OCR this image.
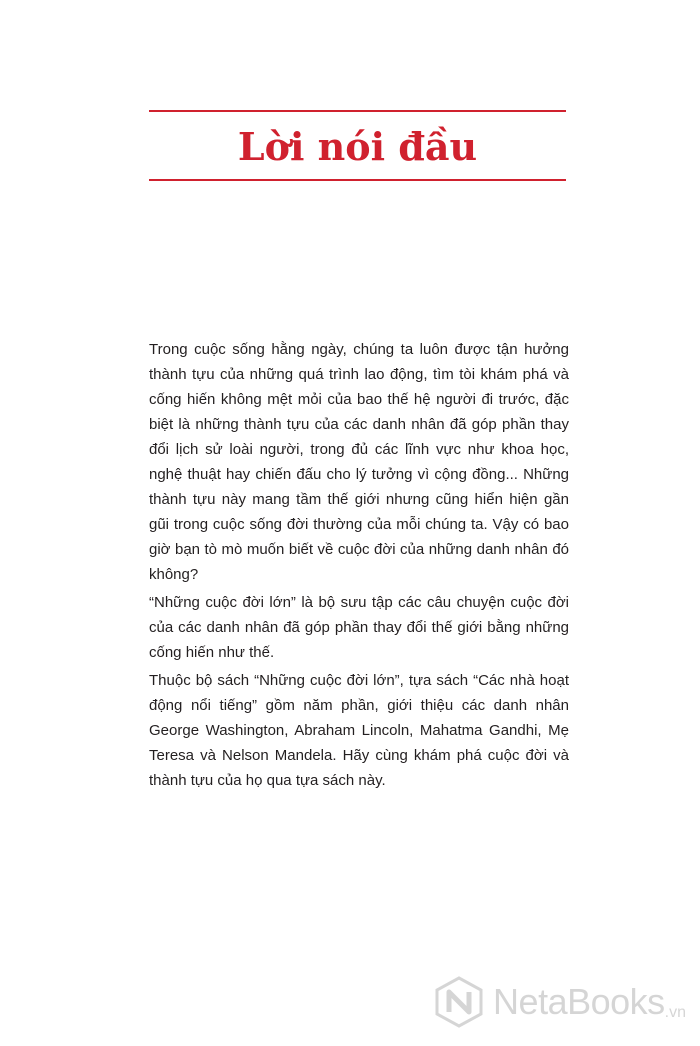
Lời nói đầu

Trong cuộc sống hằng ngày, chúng ta luôn được tận hưởng thành tựu của những quá trình lao động, tìm tòi khám phá và cống hiến không mệt mỏi của bao thế hệ người đi trước, đặc biệt là những thành tựu của các danh nhân đã góp phần thay đổi lịch sử loài người, trong đủ các lĩnh vực như khoa học, nghệ thuật hay chiến đấu cho lý tưởng vì cộng đồng... Những thành tựu này mang tầm thế giới nhưng cũng hiển hiện gần gũi trong cuộc sống đời thường của mỗi chúng ta. Vậy có bao giờ bạn tò mò muốn biết về cuộc đời của những danh nhân đó không?

“Những cuộc đời lớn” là bộ sưu tập các câu chuyện cuộc đời của các danh nhân đã góp phần thay đổi thế giới bằng những cống hiến như thế.

Thuộc bộ sách “Những cuộc đời lớn”, tựa sách “Các nhà hoạt động nổi tiếng” gồm năm phần, giới thiệu các danh nhân George Washington, Abraham Lincoln, Mahatma Gandhi, Mẹ Teresa và Nelson Mandela. Hãy cùng khám phá cuộc đời và thành tựu của họ qua tựa sách này.

NetaBooks .vn
